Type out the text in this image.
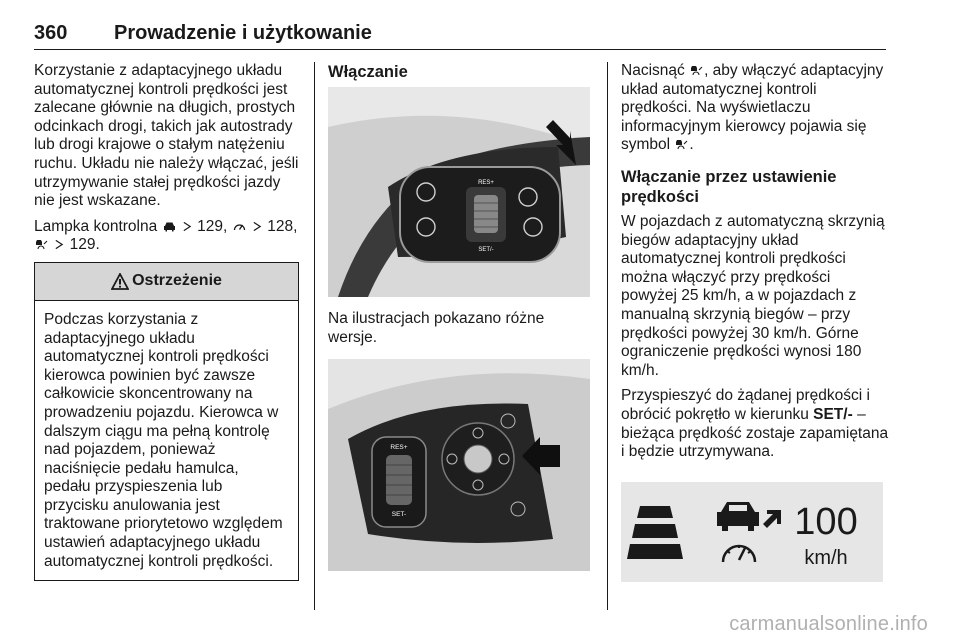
360 Prowadzenie i użytkowanie

Korzystanie z adaptacyjnego układu automatycznej kontroli prędkości jest zalecane głównie na długich, prostych odcinkach drogi, takich jak autostrady lub drogi krajowe o stałym natężeniu ruchu. Układu nie należy włączać, jeśli utrzymywanie stałej prędkości jazdy nie jest wskazane.

Lampka kontrolna	129,	128,
129.

Ostrzeżenie
Podczas korzystania z adaptacyjnego układu automatycznej kontroli prędkości kierowca powinien być zawsze całkowicie skoncentrowany na prowadzeniu pojazdu. Kierowca w dalszym ciągu ma pełną kontrolę nad pojazdem, ponieważ naciśnięcie pedału hamulca, pedału przyspieszenia lub przycisku anulowania jest traktowane priorytetowo względem ustawień adaptacyjnego układu automatycznej kontroli prędkości.
Włączanie
RES+
SET/-

Na ilustracjach pokazano różne wersje.

RES+
SET-

Nacisnąć , aby włączyć adaptacyjny układ automatycznej kontroli prędkości. Na wyświetlaczu informacyjnym kierowcy pojawia się symbol .

Włączanie przez ustawienie prędkości

W pojazdach z automatyczną skrzynią biegów adaptacyjny układ automatycznej kontroli prędkości można włączyć przy prędkości powyżej 25 km/h, a w pojazdach z manualną skrzynią biegów – przy prędkości powyżej 30 km/h. Górne ograniczenie prędkości wynosi 180 km/h.

Przyspieszyć do żądanej prędkości i obrócić pokrętło w kierunku SET/- – bieżąca prędkość zostaje zapamiętana i będzie utrzymywana.

100
km/h
carmanualsonline.info
